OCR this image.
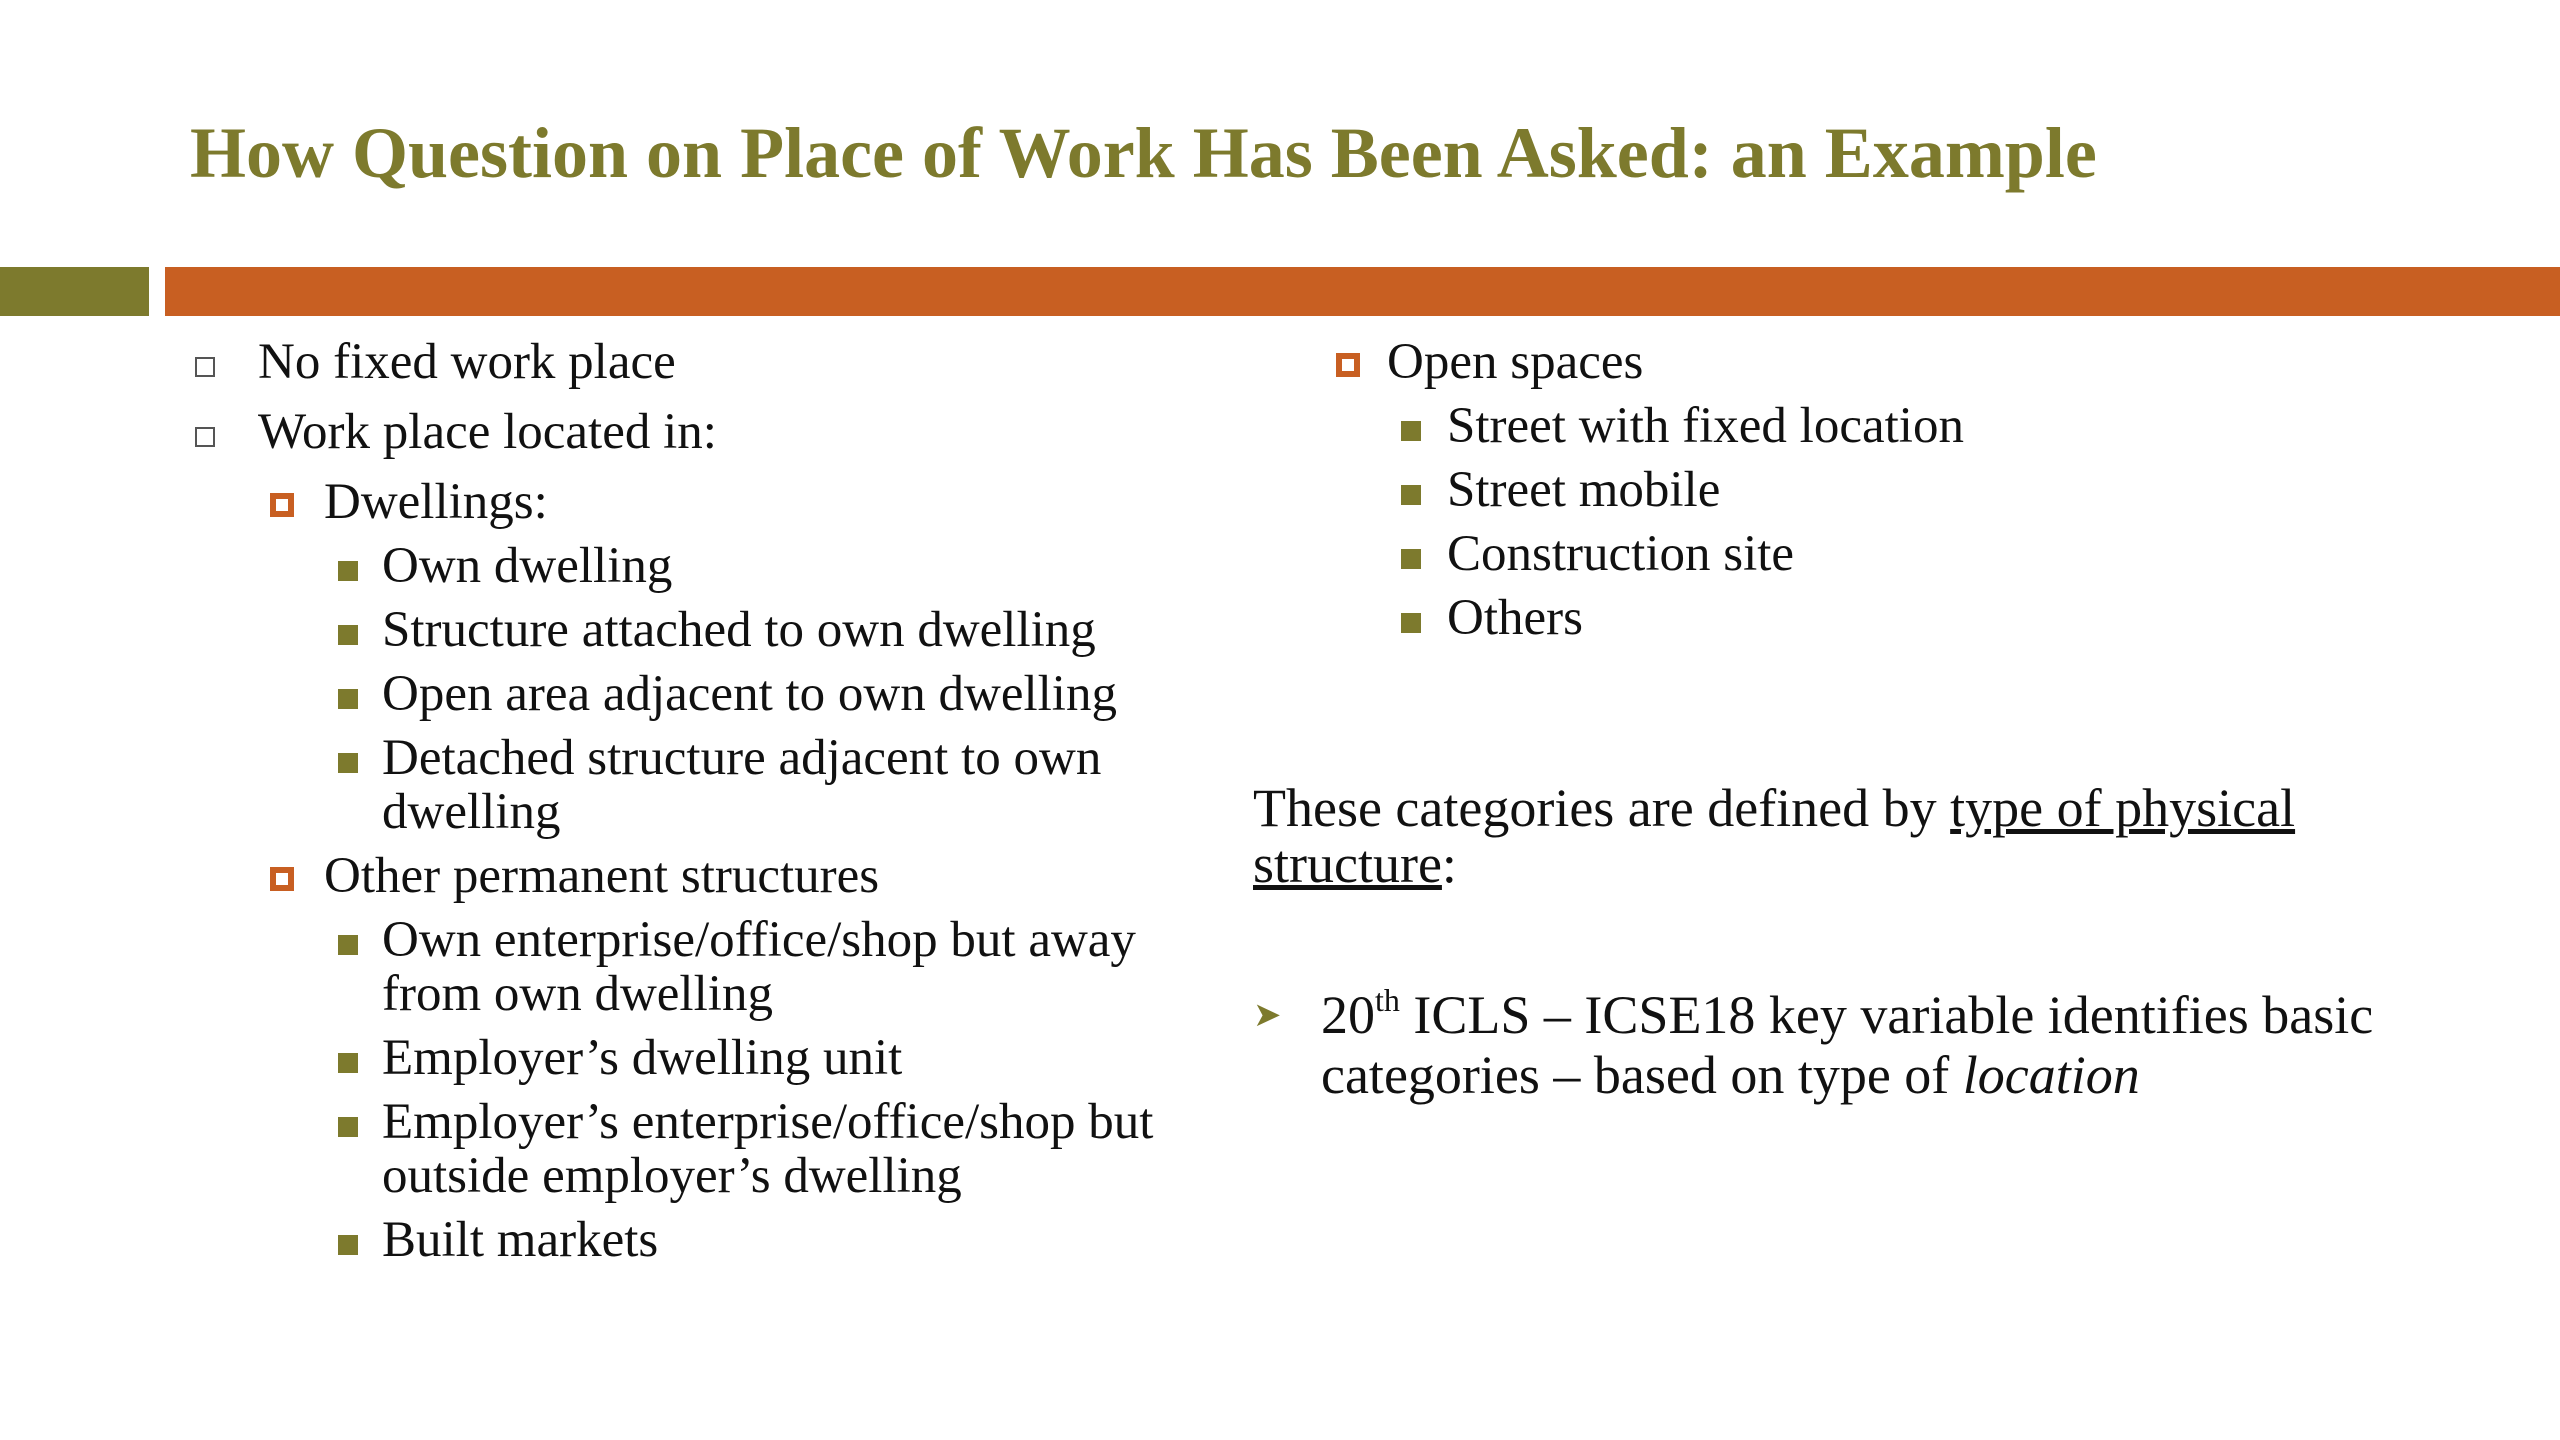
How Question on Place of Work Has Been Asked: an Example
No fixed work place
Work place located in:
Dwellings:
Own dwelling
Structure attached to own dwelling
Open area adjacent to own dwelling
Detached structure adjacent to own dwelling
Other permanent structures
Own enterprise/office/shop but away from own dwelling
Employer’s dwelling unit
Employer’s enterprise/office/shop but outside employer’s dwelling
Built markets
Open spaces
Street with fixed location
Street mobile
Construction site
Others
These categories are defined by type of physical structure:
➤ 20th ICLS – ICSE18 key variable identifies basic categories – based on type of location
